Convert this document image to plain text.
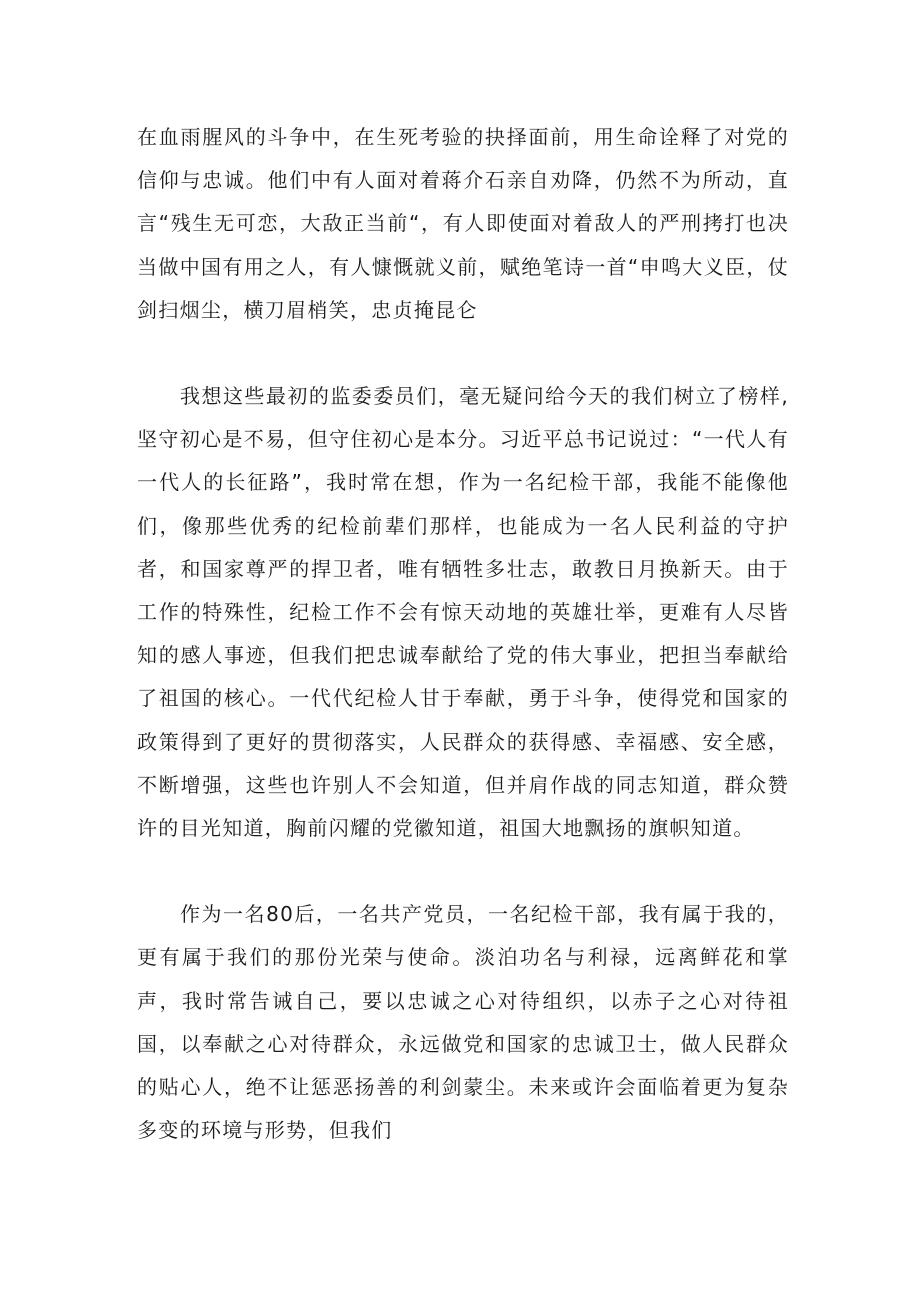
在血雨腥风的斗争中，在生死考验的抉择面前，用生命诠释了对党的信仰与忠诚。他们中有人面对着蒋介石亲自劝降，仍然不为所动，直言“残生无可恋，大敌正当前“，有人即使面对着敌人的严刑拷打也决当做中国有用之人，有人慷慨就义前，赋绝笔诗一首“申鸣大义臣，仗剑扫烟尘，横刀眉梢笑，忠贞掩昆仑

我想这些最初的监委委员们，毫无疑问给今天的我们树立了榜样,坚守初心是不易，但守住初心是本分。习近平总书记说过：“一代人有一代人的长征路”，我时常在想，作为一名纪检干部，我能不能像他们，像那些优秀的纪检前辈们那样，也能成为一名人民利益的守护者，和国家尊严的捍卫者，唯有牺牲多壮志，敢教日月换新天。由于工作的特殊性，纪检工作不会有惊天动地的英雄壮举，更难有人尽皆知的感人事迹，但我们把忠诚奉献给了党的伟大事业，把担当奉献给了祖国的核心。一代代纪检人甘于奉献，勇于斗争，使得党和国家的政策得到了更好的贯彻落实，人民群众的获得感、幸福感、安全感，不断增强，这些也许别人不会知道，但并肩作战的同志知道，群众赞许的目光知道，胸前闪耀的党徽知道，祖国大地飘扬的旗帜知道。

作为一名80后，一名共产党员，一名纪检干部，我有属于我的，更有属于我们的那份光荣与使命。淡泊功名与利禄，远离鲜花和掌声，我时常告诫自己，要以忠诚之心对待组织，以赤子之心对待祖国，以奉献之心对待群众，永远做党和国家的忠诚卫士，做人民群众的贴心人，绝不让惩恶扬善的利剑蒙尘。未来或许会面临着更为复杂多变的环境与形势，但我们
